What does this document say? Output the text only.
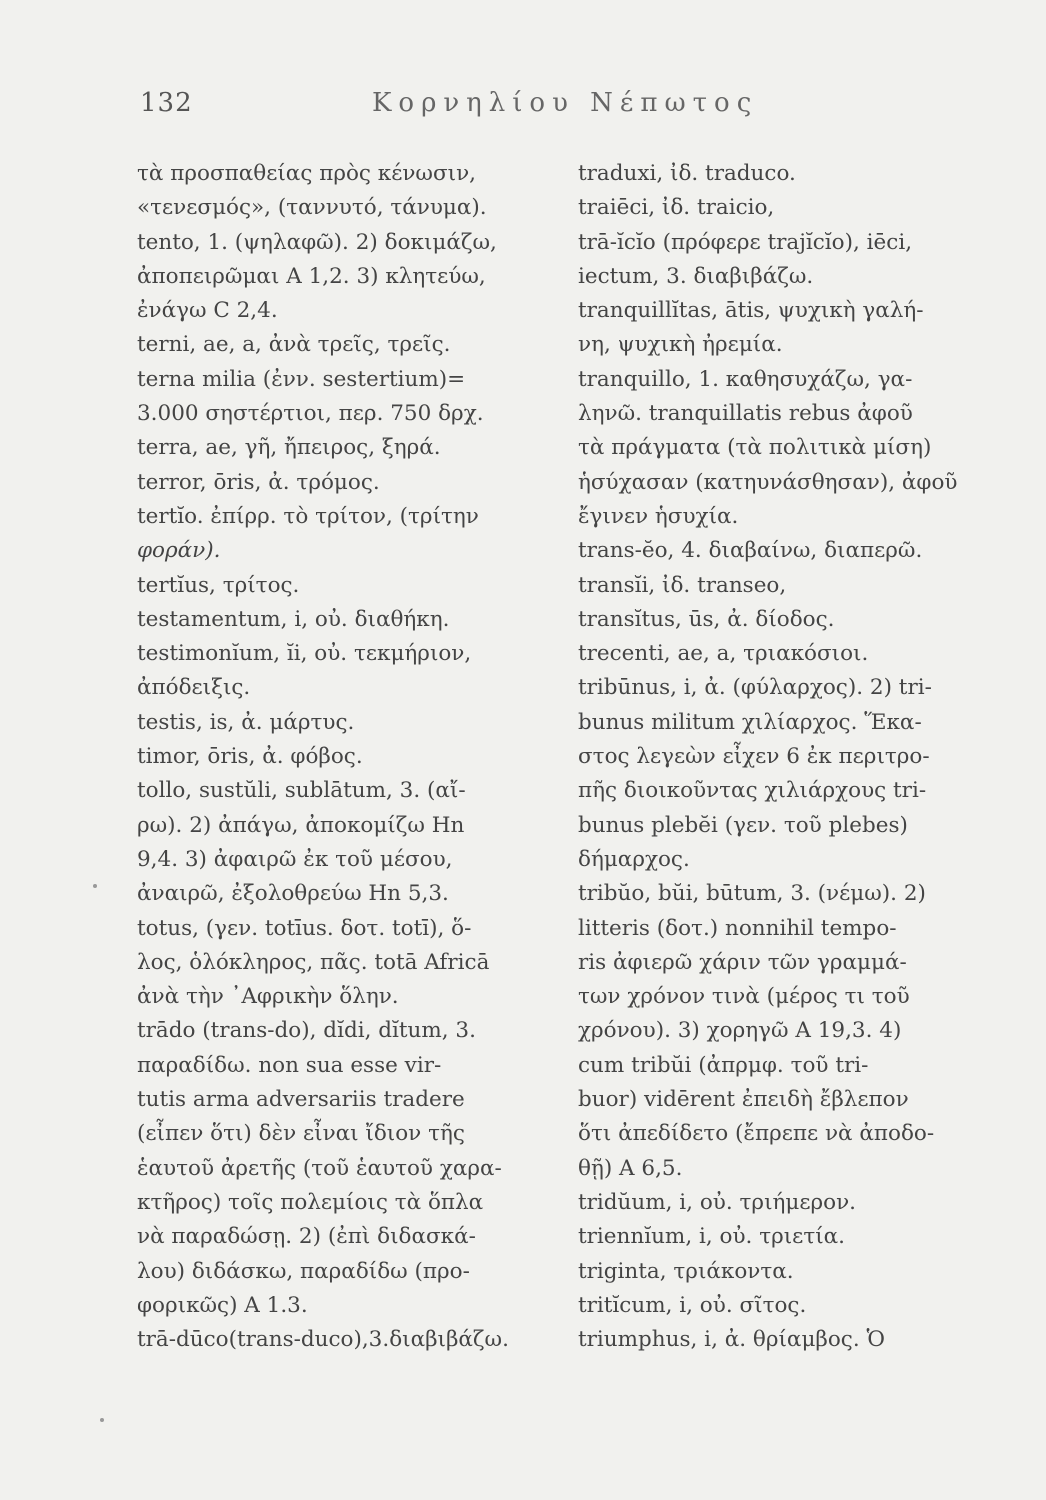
132	Κορνηλίου Νέπωτος
τὰ προσπαθείας πρὸς κένωσιν,
«τενεσμός», (ταννυτό, τάνυμα).
tento, 1. (ψηλαφῶ). 2) δοκιμάζω,
ἀποπειρῶμαι Α 1,2. 3) κλητεύω,
ἐνάγω C 2,4.
terni, ae, a, ἀνὰ τρεῖς, τρεῖς.
terna milia (ἐνν. sestertium)=
3.000 σηστέρτιοι, περ. 750 δρχ.
terra, ae, γῆ, ἤπειρος, ξηρά.
terror, ōris, ἀ. τρόμος.
tertĭo. ἐπίρρ. τὸ τρίτον, (τρίτην
φοράν).
tertĭus, τρίτος.
testamentum, i, οὐ. διαθήκη.
testimonĭum, ĭi, οὐ. τεκμήριον,
ἀπόδειξις.
testis, is, ἀ. μάρτυς.
timor, ōris, ἀ. φόβος.
tollo, sustŭli, sublātum, 3. (αἴ-
ρω). 2) ἀπάγω, ἀποκομίζω Hn
9,4. 3) ἀφαιρῶ ἐκ τοῦ μέσου,
ἀναιρῶ, ἐξολοθρεύω Hn 5,3.
totus, (γεν. totīus. δοτ. totī), ὅ-
λος, ὁλόκληρος, πᾶς. totā Africā
ἀνὰ τὴν ᾿Αφρικὴν ὅλην.
trādo (trans-do), dĭdi, dĭtum, 3.
παραδίδω. non sua esse vir-
tutis arma adversariis tradere
(εἶπεν ὅτι) δὲν εἶναι ἴδιον τῆς
ἑαυτοῦ ἀρετῆς (τοῦ ἑαυτοῦ χαρα-
κτῆρος) τοῖς πολεμίοις τὰ ὅπλα
νὰ παραδώσῃ. 2) (ἐπὶ διδασκά-
λου) διδάσκω, παραδίδω (προ-
φορικῶς) Α 1.3.
trā-dūco(trans-duco),3.διαβιβάζω.
traduxi, ἰδ. traduco.
traiēci, ἰδ. traicio,
trā-ĭcĭo (πρόφερε trajĭcĭo), iēci,
iectum, 3. διαβιβάζω.
tranquillĭtas, ātis, ψυχικὴ γαλή-
νη, ψυχικὴ ἠρεμία.
tranquillo, 1. καθησυχάζω, γα-
ληνῶ. tranquillatis rebus ἀφοῦ
τὰ πράγματα (τὰ πολιτικὰ μίση)
ἡσύχασαν (κατηυνάσθησαν), ἀφοῦ
ἔγινεν ἡσυχία.
trans-ĕo, 4. διαβαίνω, διαπερῶ.
transĭi, ἰδ. transeo,
transĭtus, ūs, ἀ. δίοδος.
trecenti, ae, a, τριακόσιοι.
tribūnus, i, ἀ. (φύλαρχος). 2) tri-
bunus militum χιλίαρχος. Ἕκα-
στος λεγεὼν εἶχεν 6 ἐκ περιτρο-
πῆς διοικοῦντας χιλιάρχους tri-
bunus plebĕi (γεν. τοῦ plebes)
δήμαρχος.
tribŭo, bŭi, būtum, 3. (νέμω). 2)
litteris (δοτ.) nonnihil tempo-
ris ἀφιερῶ χάριν τῶν γραμμά-
των χρόνον τινὰ (μέρος τι τοῦ
χρόνου). 3) χορηγῶ Α 19,3. 4)
cum tribŭi (ἀπρμφ. τοῦ tri-
buor) vidērent ἐπειδὴ ἔβλεπον
ὅτι ἀπεδίδετο (ἔπρεπε νὰ ἀποδο-
θῇ) Α 6,5.
tridŭum, i, οὐ. τριήμερον.
triennĭum, i, οὐ. τριετία.
triginta, τριάκοντα.
tritĭcum, i, οὐ. σῖτος.
triumphus, i, ἀ. θρίαμβος. Ὁ
